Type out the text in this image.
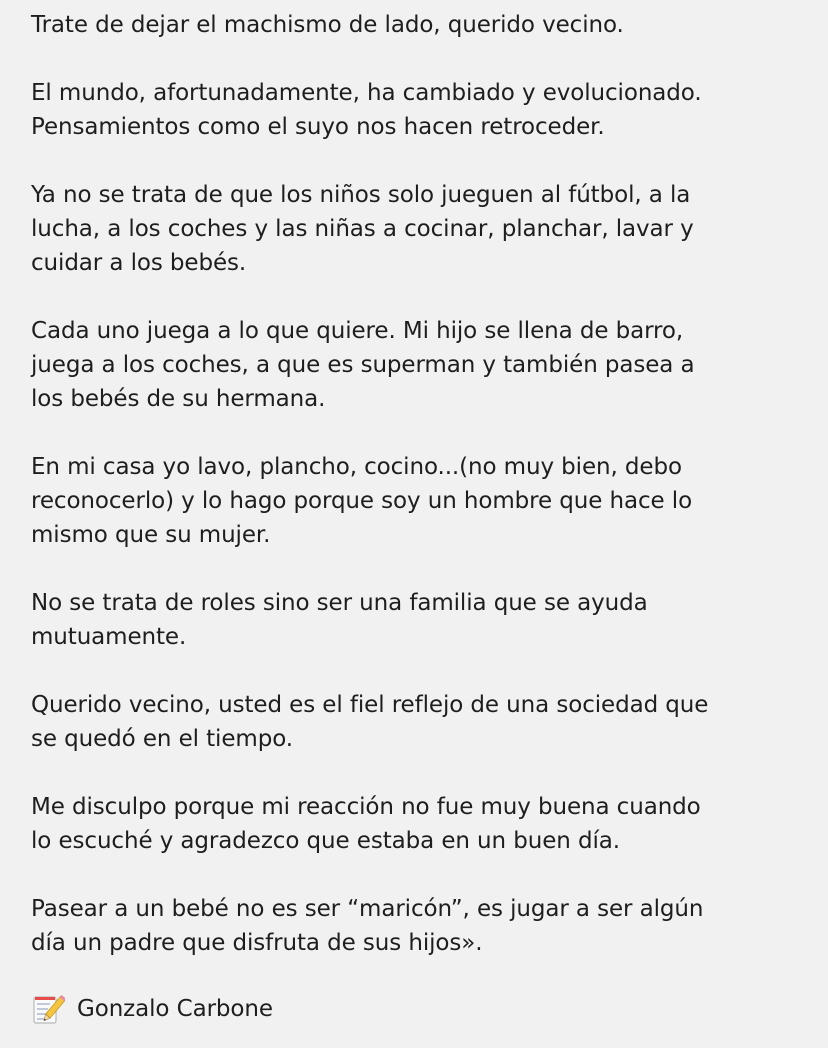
Trate de dejar el machismo de lado, querido vecino.

El mundo, afortunadamente, ha cambiado y evolucionado.
Pensamientos como el suyo nos hacen retroceder.

Ya no se trata de que los niños solo jueguen al fútbol, a la
lucha, a los coches y las niñas a cocinar, planchar, lavar y
cuidar a los bebés.

Cada uno juega a lo que quiere. Mi hijo se llena de barro,
juega a los coches, a que es superman y también pasea a
los bebés de su hermana.

En mi casa yo lavo, plancho, cocino...(no muy bien, debo
reconocerlo) y lo hago porque soy un hombre que hace lo
mismo que su mujer.

No se trata de roles sino ser una familia que se ayuda
mutuamente.

Querido vecino, usted es el fiel reflejo de una sociedad que
se quedó en el tiempo.

Me disculpo porque mi reacción no fue muy buena cuando
lo escuché y agradezco que estaba en un buen día.

Pasear a un bebé no es ser “maricón”, es jugar a ser algún
día un padre que disfruta de sus hijos».

Gonzalo Carbone
